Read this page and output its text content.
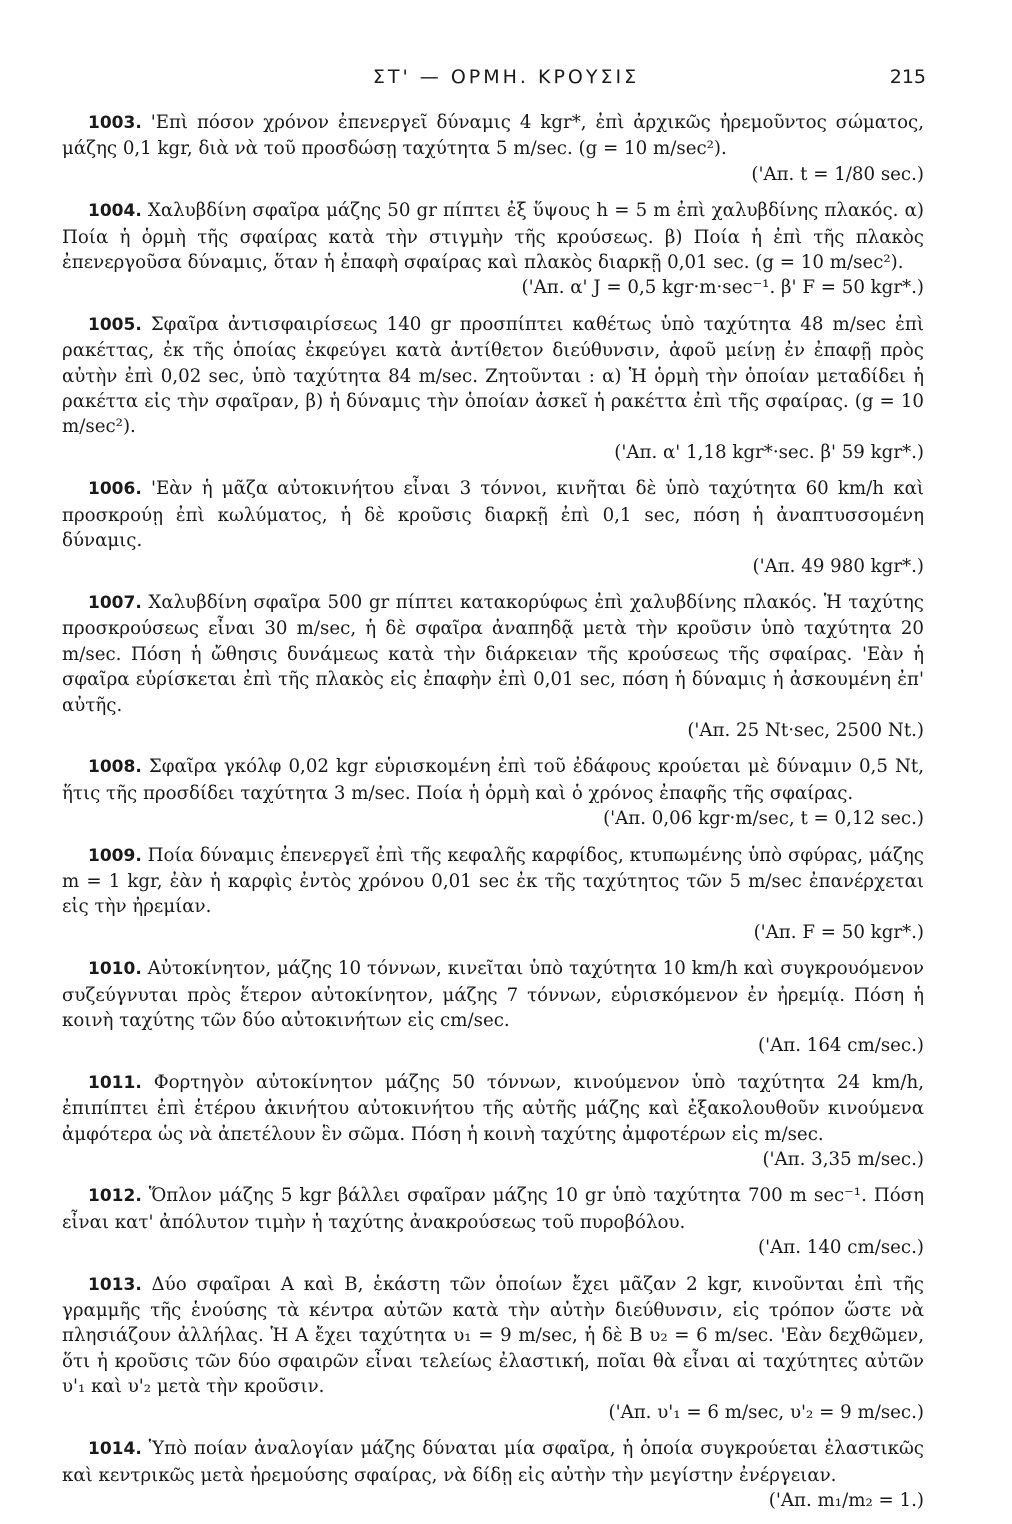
ΣΤ' — ΟΡΜΗ. ΚΡΟΥΣΙΣ	215

1003. 'Επὶ πόσον χρόνον ἐπενεργεῖ δύναμις 4 kgr*, ἐπὶ ἀρχικῶς ἠρεμοῦντος σώματος, μάζης 0,1 kgr, διὰ νὰ τοῦ προσδώσῃ ταχύτητα 5 m/sec. (g = 10 m/sec²).

('Απ. t = 1/80 sec.)

1004. Χαλυβδίνη σφαῖρα μάζης 50 gr πίπτει ἐξ ὕψους h = 5 m ἐπὶ χαλυβδίνης πλακός. α) Ποία ἡ ὁρμὴ τῆς σφαίρας κατὰ τὴν στιγμὴν τῆς κρούσεως. β) Ποία ἡ ἐπὶ τῆς πλακὸς ἐπενεργοῦσα δύναμις, ὅταν ἡ ἐπαφὴ σφαίρας καὶ πλακὸς διαρκῇ 0,01 sec. (g = 10 m/sec²).

('Απ. α' J = 0,5 kgr·m·sec⁻¹. β' F = 50 kgr*.)

1005. Σφαῖρα ἀντισφαιρίσεως 140 gr προσπίπτει καθέτως ὑπὸ ταχύτητα 48 m/sec ἐπὶ ρακέττας, ἐκ τῆς ὁποίας ἐκφεύγει κατὰ ἀντίθετον διεύθυνσιν, ἀφοῦ μείνῃ ἐν ἐπαφῇ πρὸς αὐτὴν ἐπὶ 0,02 sec, ὑπὸ ταχύτητα 84 m/sec. Ζητοῦνται : α) Ἡ ὁρμὴ τὴν ὁποίαν μεταδίδει ἡ ρακέττα εἰς τὴν σφαῖραν, β) ἡ δύναμις τὴν ὁποίαν ἀσκεῖ ἡ ρακέττα ἐπὶ τῆς σφαίρας. (g = 10 m/sec²).

('Απ. α' 1,18 kgr*·sec. β' 59 kgr*.)

1006. 'Εὰν ἡ μᾶζα αὐτοκινήτου εἶναι 3 τόννοι, κινῆται δὲ ὑπὸ ταχύτητα 60 km/h καὶ προσκρούῃ ἐπὶ κωλύματος, ἡ δὲ κροῦσις διαρκῇ ἐπὶ 0,1 sec, πόση ἡ ἀναπτυσσομένη δύναμις.

('Απ. 49 980 kgr*.)

1007. Χαλυβδίνη σφαῖρα 500 gr πίπτει κατακορύφως ἐπὶ χαλυβδίνης πλακός. Ἡ ταχύτης προσκρούσεως εἶναι 30 m/sec, ἡ δὲ σφαῖρα ἀναπηδᾷ μετὰ τὴν κροῦσιν ὑπὸ ταχύτητα 20 m/sec. Πόση ἡ ὤθησις δυνάμεως κατὰ τὴν διάρκειαν τῆς κρούσεως τῆς σφαίρας. 'Εὰν ἡ σφαῖρα εὑρίσκεται ἐπὶ τῆς πλακὸς εἰς ἐπαφὴν ἐπὶ 0,01 sec, πόση ἡ δύναμις ἡ ἀσκουμένη ἐπ' αὐτῆς.

('Απ. 25 Nt·sec, 2500 Nt.)

1008. Σφαῖρα γκόλφ 0,02 kgr εὑρισκομένη ἐπὶ τοῦ ἐδάφους κρούεται μὲ δύναμιν 0,5 Nt, ἥτις τῆς προσδίδει ταχύτητα 3 m/sec. Ποία ἡ ὁρμὴ καὶ ὁ χρόνος ἐπαφῆς τῆς σφαίρας.

('Απ. 0,06 kgr·m/sec, t = 0,12 sec.)

1009. Ποία δύναμις ἐπενεργεῖ ἐπὶ τῆς κεφαλῆς καρφίδος, κτυπωμένης ὑπὸ σφύρας, μάζης m = 1 kgr, ἐὰν ἡ καρφὶς ἐντὸς χρόνου 0,01 sec ἐκ τῆς ταχύτητος τῶν 5 m/sec ἐπανέρχεται εἰς τὴν ἠρεμίαν.

('Απ. F = 50 kgr*.)

1010. Αὐτοκίνητον, μάζης 10 τόννων, κινεῖται ὑπὸ ταχύτητα 10 km/h καὶ συγκρουόμενον συζεύγνυται πρὸς ἕτερον αὐτοκίνητον, μάζης 7 τόννων, εὑρισκόμενον ἐν ἠρεμίᾳ. Πόση ἡ κοινὴ ταχύτης τῶν δύο αὐτοκινήτων εἰς cm/sec.

('Απ. 164 cm/sec.)

1011. Φορτηγὸν αὐτοκίνητον μάζης 50 τόννων, κινούμενον ὑπὸ ταχύτητα 24 km/h, ἐπιπίπτει ἐπὶ ἑτέρου ἀκινήτου αὐτοκινήτου τῆς αὐτῆς μάζης καὶ ἐξακολουθοῦν κινούμενα ἀμφότερα ὡς νὰ ἀπετέλουν ἓν σῶμα. Πόση ἡ κοινὴ ταχύτης ἀμφοτέρων εἰς m/sec.

('Απ. 3,35 m/sec.)

1012. Ὅπλον μάζης 5 kgr βάλλει σφαῖραν μάζης 10 gr ὑπὸ ταχύτητα 700 m sec⁻¹. Πόση εἶναι κατ' ἀπόλυτον τιμὴν ἡ ταχύτης ἀνακρούσεως τοῦ πυροβόλου.

('Απ. 140 cm/sec.)

1013. Δύο σφαῖραι Α καὶ Β, ἑκάστη τῶν ὁποίων ἔχει μᾶζαν 2 kgr, κινοῦνται ἐπὶ τῆς γραμμῆς τῆς ἑνούσης τὰ κέντρα αὐτῶν κατὰ τὴν αὐτὴν διεύθυνσιν, εἰς τρόπον ὥστε νὰ πλησιάζουν ἀλλήλας. Ἡ Α ἔχει ταχύτητα υ₁ = 9 m/sec, ἡ δὲ Β υ₂ = 6 m/sec. 'Εὰν δεχθῶμεν, ὅτι ἡ κροῦσις τῶν δύο σφαιρῶν εἶναι τελείως ἐλαστική, ποῖαι θὰ εἶναι αἱ ταχύτητες αὐτῶν υ'₁ καὶ υ'₂ μετὰ τὴν κροῦσιν.

('Απ. υ'₁ = 6 m/sec, υ'₂ = 9 m/sec.)

1014. Ὑπὸ ποίαν ἀναλογίαν μάζης δύναται μία σφαῖρα, ἡ ὁποία συγκρούεται ἐλαστικῶς καὶ κεντρικῶς μετὰ ἠρεμούσης σφαίρας, νὰ δίδῃ εἰς αὐτὴν τὴν μεγίστην ἐνέργειαν.

('Απ. m₁/m₂ = 1.)
